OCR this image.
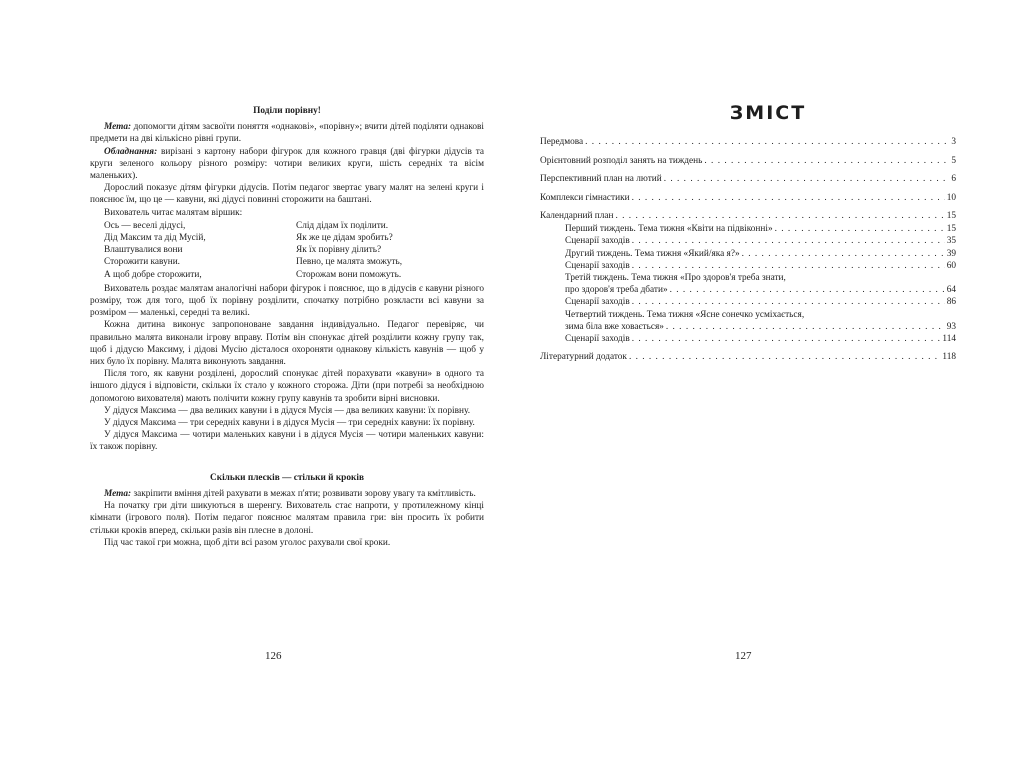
Поділи порівну!

Мета: допомогти дітям засвоїти поняття «однакові», «порівну»; вчити дітей поділяти однакові предмети на дві кількісно рівні групи.

Обладнання: вирізані з картону набори фігурок для кожного гравця (дві фігурки дідусів та круги зеленого кольору різного розміру: чотири великих круги, шість середніх та вісім маленьких).

Дорослий показує дітям фігурки дідусів. Потім педагог звертає увагу малят на зелені круги і пояснює їм, що це — кавуни, які дідусі повинні сторожити на баштані.

Вихователь читає малятам віршик:

Ось — веселі дідусі,	Слід дідам їх поділити.
Дід Максим та дід Мусій,	Як же це дідам зробить?
Влаштувалися вони	Як їх порівну ділить?
Сторожити кавуни.	Певно, це малята зможуть,
А щоб добре сторожити,	Сторожам вони поможуть.

Вихователь роздає малятам аналогічні набори фігурок і пояснює, що в дідусів є кавуни різного розміру, тож для того, щоб їх порівну розділити, спочатку потрібно розкласти всі кавуни за розміром — маленькі, середні та великі.

Кожна дитина виконує запропоноване завдання індивідуально. Педагог перевіряє, чи правильно малята виконали ігрову вправу. Потім він спонукає дітей розділити кожну групу так, щоб і дідусю Максиму, і дідові Мусію дісталося охороняти однакову кількість кавунів — щоб у них було їх порівну. Малята виконують завдання.

Після того, як кавуни розділені, дорослий спонукає дітей порахувати «кавуни» в одного та іншого дідуся і відповісти, скільки їх стало у кожного сторожа. Діти (при потребі за необхідною допомогою вихователя) мають полічити кожну групу кавунів та зробити вірні висновки.

У дідуся Максима — два великих кавуни і в дідуся Мусія — два великих кавуни: їх порівну.

У дідуся Максима — три середніх кавуни і в дідуся Мусія — три середніх кавуни: їх порівну.

У дідуся Максима — чотири маленьких кавуни і в дідуся Мусія — чотири маленьких кавуни: їх також порівну.

Скільки плесків — стільки й кроків

Мета: закріпити вміння дітей рахувати в межах п'яти; розвивати зорову увагу та кмітливість.

На початку гри діти шикуються в шеренгу. Вихователь стає напроти, у протилежному кінці кімнати (ігрового поля). Потім педагог пояснює малятам правила гри: він просить їх робити стільки кроків вперед, скільки разів він плесне в долоні.

Під час такої гри можна, щоб діти всі разом уголос рахували свої кроки.

126
ЗМІСТ
Передмова . . .	3
Орієнтовний розподіл занять на тиждень . . .	5
Перспективний план на лютий . . .	6
Комплекси гімнастики . . .	10
Календарний план . . .	15
Перший тиждень. Тема тижня «Квіти на підвіконні» . . .	15
Сценарії заходів . . .	35
Другий тиждень. Тема тижня «Який/яка я?» . . .	39
Сценарії заходів . . .	60
Третій тиждень. Тема тижня «Про здоров'я треба знати,
про здоров'я треба дбати» . . .	64
Сценарії заходів . . .	86
Четвертий тиждень. Тема тижня «Ясне сонечко усміхається,
зима біла вже ховається» . . .	93
Сценарії заходів . . .	114
Літературний додаток . . .	118
127
